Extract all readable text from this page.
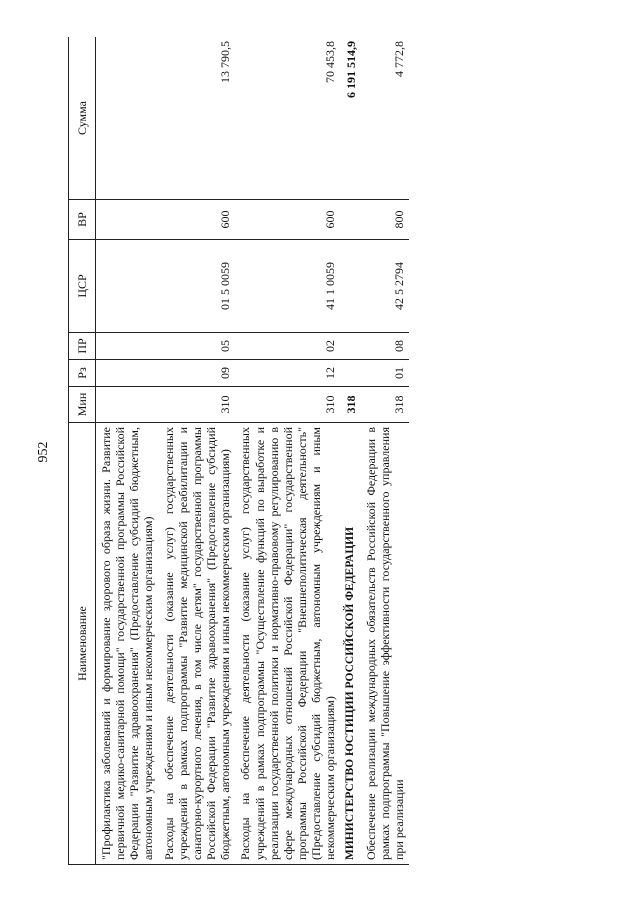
952
Наименование	Мин	Рз	ПР	ЦСР	ВР	Сумма
"Профилактика заболеваний и формирование здорового образа жизни. Развитие первичной медико-санитарной помощи" государственной программы Российской Федерации "Развитие здравоохранения" (Предоставление субсидий бюджетным, автономным учреждениям и иным некоммерческим организациям)						
Расходы на обеспечение деятельности (оказание услуг) государственных учреждений в рамках подпрограммы "Развитие медицинской реабилитации и санаторно-курортного лечения, в том числе детям" государственной программы Российской Федерации "Развитие здравоохранения" (Предоставление субсидий бюджетным, автономным учреждениям и иным некоммерческим организациям)	310	09	05	01 5 0059	600	13 790,5
Расходы на обеспечение деятельности (оказание услуг) государственных учреждений в рамках подпрограммы "Осуществление функций по выработке и реализации государственной политики и нормативно-правовому регулированию в сфере международных отношений Российской Федерации" государственной программы Российской Федерации "Внешнеполитическая деятельность" (Предоставление субсидий бюджетным, автономным учреждениям и иным некоммерческим организациям)	310	12	02	41 1 0059	600	70 453,8
МИНИСТЕРСТВО ЮСТИЦИИ РОССИЙСКОЙ ФЕДЕРАЦИИ	318					6 191 514,9
Обеспечение реализации международных обязательств Российской Федерации в рамках подпрограммы "Повышение эффективности государственного управления при реализации	318	01	08	42 5 2794	800	4 772,8
